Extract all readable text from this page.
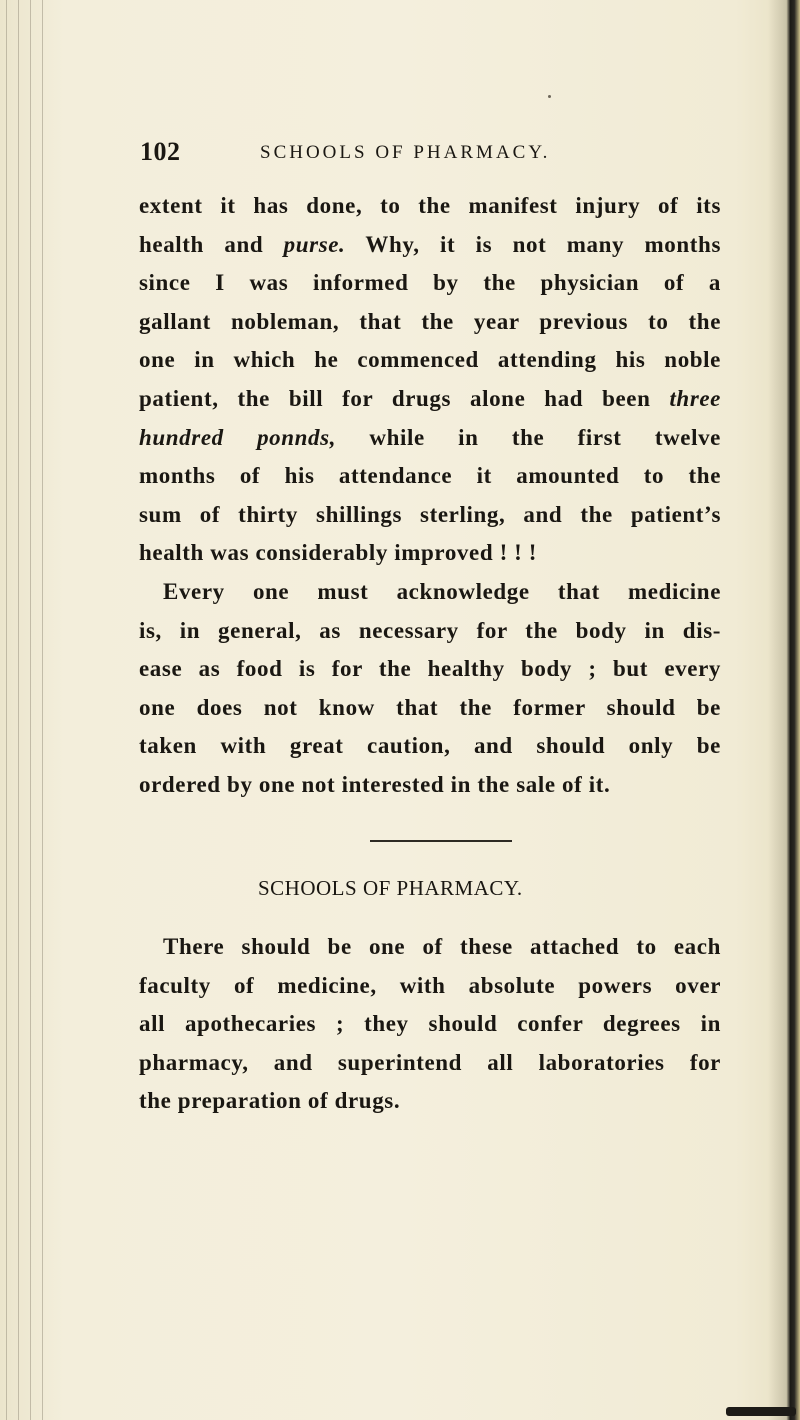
102	SCHOOLS OF PHARMACY.
extent it has done, to the manifest injury of its
health and purse. Why, it is not many months
since I was informed by the physician of a
gallant nobleman, that the year previous to the
one in which he commenced attending his noble
patient, the bill for drugs alone had been three
hundred ponnds, while in the first twelve
months of his attendance it amounted to the
sum of thirty shillings sterling, and the patient’s
health was considerably improved ! ! !
Every one must acknowledge that medicine
is, in general, as necessary for the body in dis-
ease as food is for the healthy body ; but every
one does not know that the former should be
taken with great caution, and should only be
ordered by one not interested in the sale of it.
SCHOOLS OF PHARMACY.
There should be one of these attached to each
faculty of medicine, with absolute powers over
all apothecaries ; they should confer degrees in
pharmacy, and superintend all laboratories for
the preparation of drugs.
